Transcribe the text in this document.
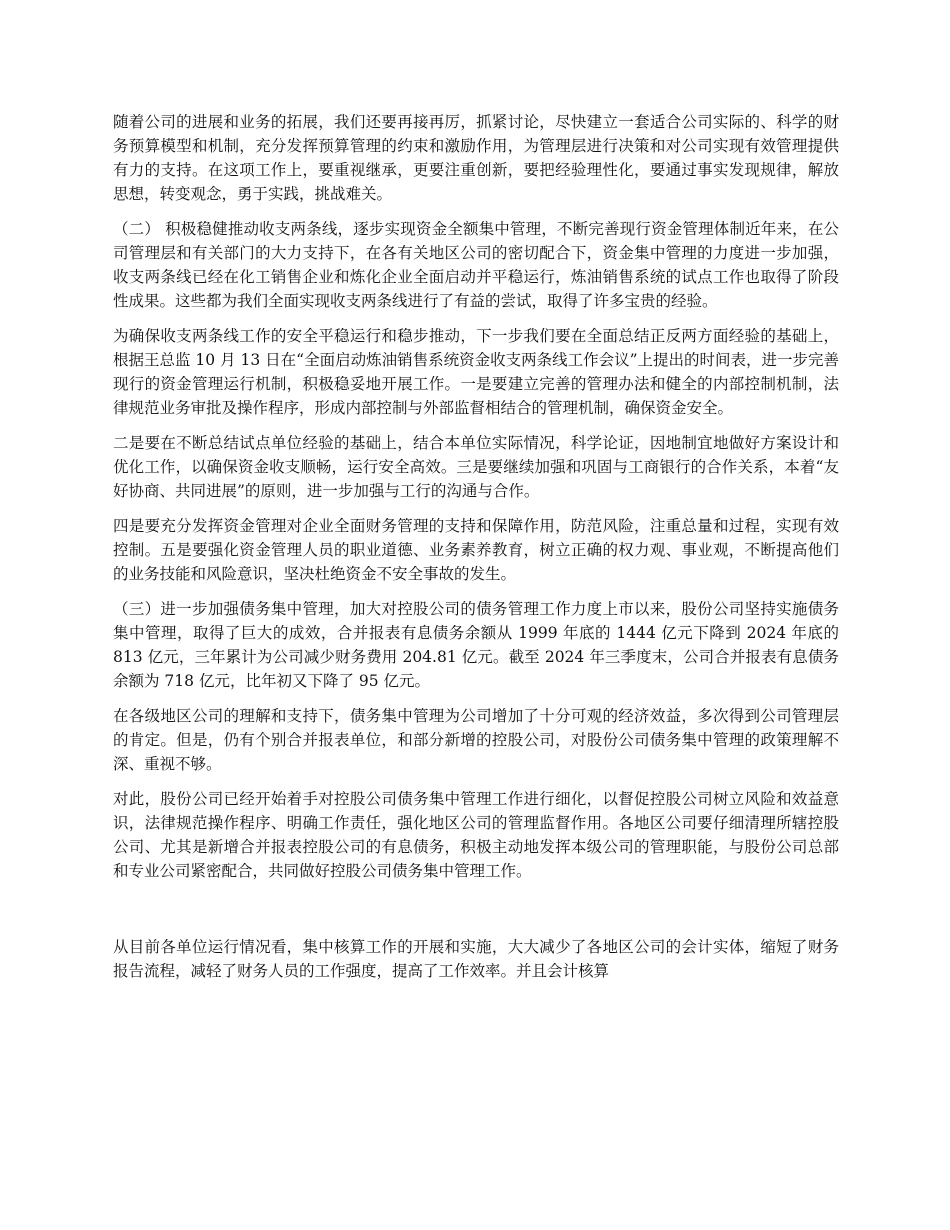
随着公司的进展和业务的拓展，我们还要再接再厉，抓紧讨论，尽快建立一套适合公司实际的、科学的财务预算模型和机制，充分发挥预算管理的约束和激励作用，为管理层进行决策和对公司实现有效管理提供有力的支持。在这项工作上，要重视继承，更要注重创新，要把经验理性化，要通过事实发现规律，解放思想，转变观念，勇于实践，挑战难关。

（二） 积极稳健推动收支两条线，逐步实现资金全额集中管理，不断完善现行资金管理体制近年来，在公司管理层和有关部门的大力支持下，在各有关地区公司的密切配合下，资金集中管理的力度进一步加强，收支两条线已经在化工销售企业和炼化企业全面启动并平稳运行，炼油销售系统的试点工作也取得了阶段性成果。这些都为我们全面实现收支两条线进行了有益的尝试，取得了许多宝贵的经验。

为确保收支两条线工作的安全平稳运行和稳步推动，下一步我们要在全面总结正反两方面经验的基础上，根据王总监 10 月 13 日在“全面启动炼油销售系统资金收支两条线工作会议”上提出的时间表，进一步完善现行的资金管理运行机制，积极稳妥地开展工作。一是要建立完善的管理办法和健全的内部控制机制，法律规范业务审批及操作程序，形成内部控制与外部监督相结合的管理机制，确保资金安全。

二是要在不断总结试点单位经验的基础上，结合本单位实际情况，科学论证，因地制宜地做好方案设计和优化工作，以确保资金收支顺畅，运行安全高效。三是要继续加强和巩固与工商银行的合作关系，本着“友好协商、共同进展”的原则，进一步加强与工行的沟通与合作。

四是要充分发挥资金管理对企业全面财务管理的支持和保障作用，防范风险，注重总量和过程，实现有效控制。五是要强化资金管理人员的职业道德、业务素养教育，树立正确的权力观、事业观，不断提高他们的业务技能和风险意识，坚决杜绝资金不安全事故的发生。

（三）进一步加强债务集中管理，加大对控股公司的债务管理工作力度上市以来，股份公司坚持实施债务集中管理，取得了巨大的成效，合并报表有息债务余额从 1999 年底的 1444 亿元下降到 2024 年底的 813 亿元，三年累计为公司减少财务费用 204.81 亿元。截至 2024 年三季度末，公司合并报表有息债务余额为 718 亿元，比年初又下降了 95 亿元。

在各级地区公司的理解和支持下，债务集中管理为公司增加了十分可观的经济效益，多次得到公司管理层的肯定。但是，仍有个别合并报表单位，和部分新增的控股公司，对股份公司债务集中管理的政策理解不深、重视不够。

对此，股份公司已经开始着手对控股公司债务集中管理工作进行细化，以督促控股公司树立风险和效益意识，法律规范操作程序、明确工作责任，强化地区公司的管理监督作用。各地区公司要仔细清理所辖控股公司、尤其是新增合并报表控股公司的有息债务，积极主动地发挥本级公司的管理职能，与股份公司总部和专业公司紧密配合，共同做好控股公司债务集中管理工作。

从目前各单位运行情况看，集中核算工作的开展和实施，大大减少了各地区公司的会计实体，缩短了财务报告流程，减轻了财务人员的工作强度，提高了工作效率。并且会计核算
